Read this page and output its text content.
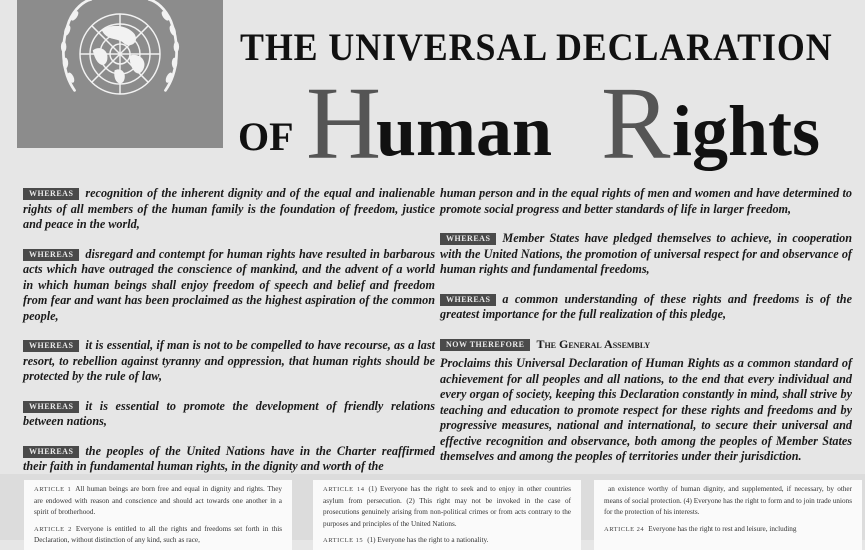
THE UNIVERSAL DECLARATION
OF H
uman R ights

WHEREAS recognition of the inherent dignity and of the equal and inalienable rights of all members of the human family is the foundation of freedom, justice and peace in the world,

WHEREAS disregard and contempt for human rights have resulted in barbarous acts which have outraged the conscience of mankind, and the advent of a world in which human beings shall enjoy freedom of speech and belief and freedom from fear and want has been proclaimed as the highest aspiration of the common people,

WHEREAS it is essential, if man is not to be compelled to have recourse, as a last resort, to rebellion against tyranny and oppression, that human rights should be protected by the rule of law,

WHEREAS it is essential to promote the development of friendly relations between nations,

WHEREAS the peoples of the United Nations have in the Charter reaffirmed their faith in fundamental human rights, in the dignity and worth of the

human person and in the equal rights of men and women and have determined to promote social progress and better standards of life in larger freedom,

WHEREAS Member States have pledged themselves to achieve, in cooperation with the United Nations, the promotion of universal respect for and observance of human rights and fundamental freedoms,

WHEREAS a common understanding of these rights and freedoms is of the greatest importance for the full realization of this pledge,

NOW THEREFORE The General Assembly

Proclaims this Universal Declaration of Human Rights as a common standard of achievement for all peoples and all nations, to the end that every individual and every organ of society, keeping this Declaration constantly in mind, shall strive by teaching and education to promote respect for these rights and freedoms and by progressive measures, national and international, to secure their universal and effective recognition and observance, both among the peoples of Member States themselves and among the peoples of territories under their jurisdiction.

ARTICLE 1 All human beings are born free and equal in dignity and rights. They are endowed with reason and conscience and should act towards one another in a spirit of brotherhood.

ARTICLE 2 Everyone is entitled to all the rights and freedoms set forth in this Declaration, without distinction of any kind, such as race,

ARTICLE 14 (1) Everyone has the right to seek and to enjoy in other countries asylum from persecution. (2) This right may not be invoked in the case of prosecutions genuinely arising from non-political crimes or from acts contrary to the purposes and principles of the United Nations.

ARTICLE 15 (1) Everyone has the right to a nationality.

an existence worthy of human dignity, and supplemented, if necessary, by other means of social protection. (4) Everyone has the right to form and to join trade unions for the protection of his interests.

ARTICLE 24 Everyone has the right to rest and leisure, including
